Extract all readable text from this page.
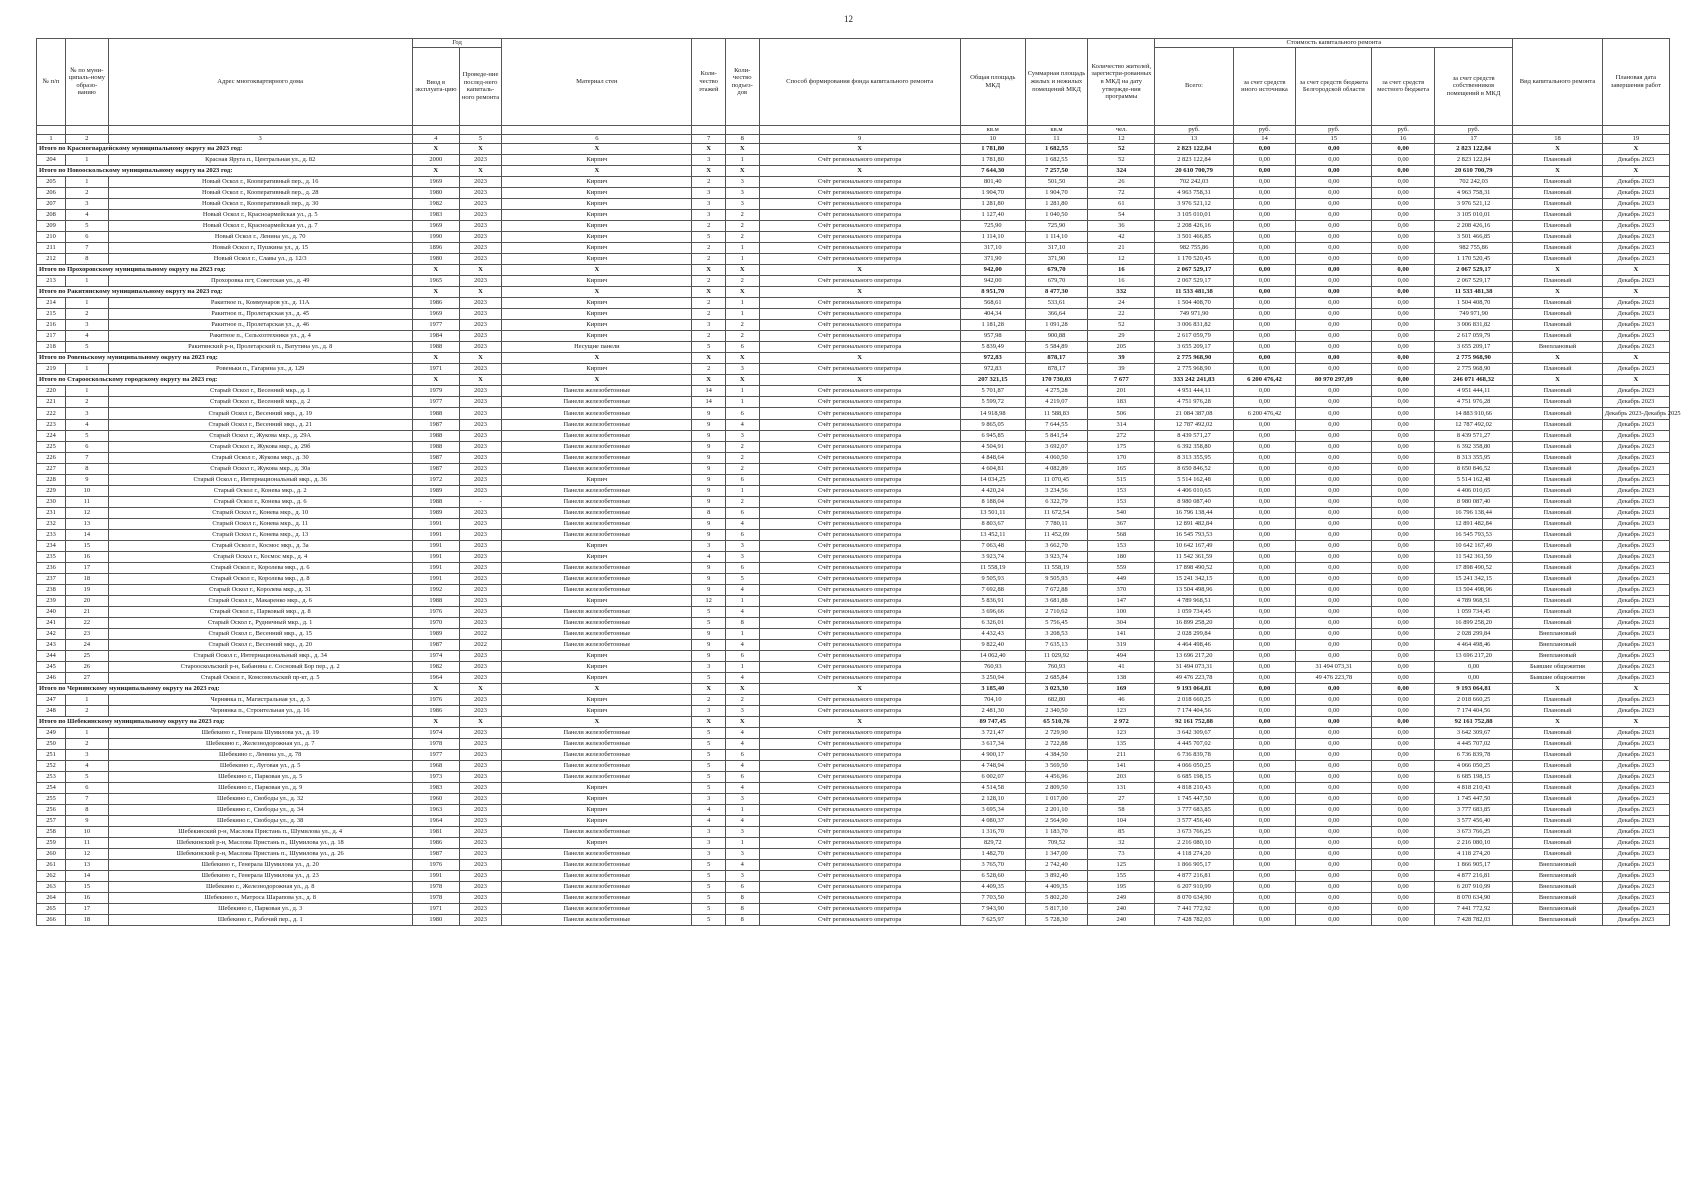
12
№ п/п	№ по муни-ципаль-ному образо-ванию	Адрес многоквартирного дома	Год		Материал стен	Коли-чество этажей	Коли-чество подъез-дов	Способ формирования фонда капитального ремонта	Общая площадь МКД	Суммарная площадь жилых и нежилых помещений МКД	Количество жителей, зарегистри-рованных в МКД на дату утвержде-ния программы	Стоимость капитального ремонта					Вид капитального ремонта	Плановая дата завершения работ
			Ввод в эксплуата-цию	Проведе-ние послед-него капиталь-ного ремонта								Всего:	за счет средств иного источника	за счет средств бюджета Белгородской области	за счет средств местного бюджета	за счет средств собственников помещений в МКД		
									кв.м	кв.м	чел.	руб.	руб.	руб.	руб.	руб.		
1	2	3	4	5	6	7	8	9	10	11	12	13	14	15	16	17	18	19
Итого по Красногвардейскому муниципальному округу на 2023 год:			X	X	X	X	X	X	1 781,80	1 682,55	52	2 823 122,84	0,00	0,00	0,00	2 823 122,84	X	X
204	1	Красная Яруга п., Центральная ул., д. 82	2000	2023	Кирпич	3	1	Счёт регионального оператора	1 781,80	1 682,55	52	2 823 122,84	0,00	0,00	0,00	2 823 122,84	Плановый	Декабрь 2023
Итого по Новооскольскому муниципальному округу на 2023 год:			X	X	X	X	X	X	7 644,30	7 257,50	324	20 610 700,79	0,00	0,00	0,00	20 610 700,79	X	X
205	1	Новый Оскол г., Кооперативный пер., д. 16	1969	2023	Кирпич	2	3	Счёт регионального оператора	801,40	501,50	26	702 242,03	0,00	0,00	0,00	702 242,03	Плановый	Декабрь 2023
206	2	Новый Оскол г., Кооперативный пер., д. 28	1980	2023	Кирпич	3	3	Счёт регионального оператора	1 904,70	1 904,70	72	4 963 758,31	0,00	0,00	0,00	4 963 758,31	Плановый	Декабрь 2023
207	3	Новый Оскол г., Кооперативный пер., д. 30	1982	2023	Кирпич	3	3	Счёт регионального оператора	1 281,80	1 281,80	61	3 976 521,12	0,00	0,00	0,00	3 976 521,12	Плановый	Декабрь 2023
208	4	Новый Оскол г., Красноармейская ул., д. 5	1983	2023	Кирпич	3	2	Счёт регионального оператора	1 127,40	1 040,50	54	3 105 010,01	0,00	0,00	0,00	3 105 010,01	Плановый	Декабрь 2023
209	5	Новый Оскол г., Красноармейская ул., д. 7	1969	2023	Кирпич	2	2	Счёт регионального оператора	725,90	725,90	36	2 208 426,16	0,00	0,00	0,00	2 208 426,16	Плановый	Декабрь 2023
210	6	Новый Оскол г., Ленина ул., д. 70	1990	2023	Кирпич	5	2	Счёт регионального оператора	1 114,10	1 114,10	42	3 501 466,85	0,00	0,00	0,00	3 501 466,85	Плановый	Декабрь 2023
211	7	Новый Оскол г., Пушкина ул., д. 15	1896	2023	Кирпич	2	1	Счёт регионального оператора	317,10	317,10	21	982 755,86	0,00	0,00	0,00	982 755,86	Плановый	Декабрь 2023
212	8	Новый Оскол г., Славы ул., д. 12/3	1980	2023	Кирпич	2	1	Счёт регионального оператора	371,90	371,90	12	1 170 520,45	0,00	0,00	0,00	1 170 520,45	Плановый	Декабрь 2023
Итого по Прохоровскому муниципальному округу на 2023 год:			X	X	X	X	X	X	942,00	679,70	16	2 067 529,17	0,00	0,00	0,00	2 067 529,17	X	X
213	1	Прохоровка пгт, Советская ул., д. 49	1965	2023	Кирпич	2	2	Счёт регионального оператора	942,00	679,70	16	2 067 529,17	0,00	0,00	0,00	2 067 529,17	Плановый	Декабрь 2023
Итого по Ракитянскому муниципальному округу на 2023 год:			X	X	X	X	X	X	8 951,70	8 477,30	332	11 533 481,38	0,00	0,00	0,00	11 533 481,38	X	X
214	1	Ракитное п., Коммунаров ул., д. 11А	1986	2023	Кирпич	2	1	Счёт регионального оператора	568,61	533,61	24	1 504 408,70	0,00	0,00	0,00	1 504 408,70	Плановый	Декабрь 2023
215	2	Ракитное п., Пролетарская ул., д. 45	1969	2023	Кирпич	2	1	Счёт регионального оператора	404,34	366,64	22	749 971,90	0,00	0,00	0,00	749 971,90	Плановый	Декабрь 2023
216	3	Ракитное п., Пролетарская ул., д. 46	1977	2023	Кирпич	3	2	Счёт регионального оператора	1 181,28	1 091,28	52	3 006 831,82	0,00	0,00	0,00	3 006 831,82	Плановый	Декабрь 2023
217	4	Ракитное п., Сельхозтехники ул., д. 4	1984	2023	Кирпич	2	2	Счёт регионального оператора	957,98	900,88	29	2 617 059,79	0,00	0,00	0,00	2 617 059,79	Плановый	Декабрь 2023
218	5	Ракитянский р-н, Пролетарский п., Ватутина ул., д. 8	1988	2023	Несущие панели	5	6	Счёт регионального оператора	5 839,49	5 584,89	205	3 655 209,17	0,00	0,00	0,00	3 655 209,17	Внеплановый	Декабрь 2023
Итого по Ровеньскому муниципальному округу на 2023 год:			X	X	X	X	X	X	972,83	878,17	39	2 775 968,90	0,00	0,00	0,00	2 775 968,90	X	X
219	1	Ровеньки п., Гагарина ул., д. 129	1971	2023	Кирпич	2	3	Счёт регионального оператора	972,83	878,17	39	2 775 968,90	0,00	0,00	0,00	2 775 968,90	Плановый	Декабрь 2023
Итого по Старооскольскому городскому округу на 2023 год:			X	X	X	X	X	X	207 321,15	170 730,03	7 677	333 242 241,83	6 200 476,42	80 970 297,09	0,00	246 071 468,32	X	X
220	1	Старый Оскол г., Весенний мкр., д. 1	1979	2023	Панели железобетонные	14	1	Счёт регионального оператора	5 701,87	4 275,28	201	4 951 444,11	0,00	0,00	0,00	4 951 444,11	Плановый	Декабрь 2023
221	2	Старый Оскол г., Весенний мкр., д. 2	1977	2023	Панели железобетонные	14	1	Счёт регионального оператора	5 599,72	4 219,07	183	4 751 976,28	0,00	0,00	0,00	4 751 976,28	Плановый	Декабрь 2023
222	3	Старый Оскол г., Весенний мкр., д. 19	1988	2023	Панели железобетонные	9	6	Счёт регионального оператора	14 918,98	11 588,83	506	21 084 387,08	6 200 476,42	0,00	0,00	14 883 910,66	Плановый	Декабрь 2023-Декабрь 2025
223	4	Старый Оскол г., Весенний мкр., д. 21	1987	2023	Панели железобетонные	9	4	Счёт регионального оператора	9 865,05	7 644,55	314	12 787 492,02	0,00	0,00	0,00	12 787 492,02	Плановый	Декабрь 2023
224	5	Старый Оскол г., Жукова мкр., д. 29А	1988	2023	Панели железобетонные	9	3	Счёт регионального оператора	6 945,85	5 841,54	272	8 439 571,27	0,00	0,00	0,00	8 439 571,27	Плановый	Декабрь 2023
225	6	Старый Оскол г., Жукова мкр., д. 29б	1988	2023	Панели железобетонные	9	2	Счёт регионального оператора	4 504,91	3 692,07	175	6 392 358,80	0,00	0,00	0,00	6 392 358,80	Плановый	Декабрь 2023
226	7	Старый Оскол г., Жукова мкр., д. 30	1987	2023	Панели железобетонные	9	2	Счёт регионального оператора	4 848,64	4 060,50	170	8 313 355,95	0,00	0,00	0,00	8 313 355,95	Плановый	Декабрь 2023
227	8	Старый Оскол г., Жукова мкр., д. 30а	1987	2023	Панели железобетонные	9	2	Счёт регионального оператора	4 604,81	4 082,89	165	8 650 846,52	0,00	0,00	0,00	8 650 846,52	Плановый	Декабрь 2023
228	9	Старый Оскол г., Интернациональный мкр., д. 36	1972	2023	Кирпич	9	6	Счёт регионального оператора	14 034,25	11 070,45	515	5 514 162,48	0,00	0,00	0,00	5 514 162,48	Плановый	Декабрь 2023
229	10	Старый Оскол г., Конева мкр., д. 2	1989	2023	Панели железобетонные	9	1	Счёт регионального оператора	4 420,24	3 234,56	153	4 406 010,65	0,00	0,00	0,00	4 406 010,65	Плановый	Декабрь 2023
230	11	Старый Оскол г., Конева мкр., д. 6	1988	-	Панели железобетонные	9	2	Счёт регионального оператора	8 188,04	6 322,79	153	8 980 087,40	0,00	0,00	0,00	8 980 087,40	Плановый	Декабрь 2023
231	12	Старый Оскол г., Конева мкр., д. 10	1989	2023	Панели железобетонные	8	6	Счёт регионального оператора	13 501,11	11 672,54	540	16 796 138,44	0,00	0,00	0,00	16 796 138,44	Плановый	Декабрь 2023
232	13	Старый Оскол г., Конева мкр., д. 11	1991	2023	Панели железобетонные	9	4	Счёт регионального оператора	8 803,67	7 780,11	367	12 891 482,84	0,00	0,00	0,00	12 891 482,84	Плановый	Декабрь 2023
233	14	Старый Оскол г., Конева мкр., д. 13	1991	2023	Панели железобетонные	9	6	Счёт регионального оператора	13 452,11	11 452,09	568	16 545 793,53	0,00	0,00	0,00	16 545 793,53	Плановый	Декабрь 2023
234	15	Старый Оскол г., Космос мкр., д. 3а	1991	2023	Кирпич	3	3	Счёт регионального оператора	7 063,48	3 662,70	153	10 642 167,49	0,00	0,00	0,00	10 642 167,49	Плановый	Декабрь 2023
235	16	Старый Оскол г., Космос мкр., д. 4	1991	2023	Кирпич	4	3	Счёт регионального оператора	3 923,74	3 923,74	180	11 542 361,59	0,00	0,00	0,00	11 542 361,59	Плановый	Декабрь 2023
236	17	Старый Оскол г., Королева мкр., д. 6	1991	2023	Панели железобетонные	9	6	Счёт регионального оператора	11 558,19	11 558,19	559	17 898 490,52	0,00	0,00	0,00	17 898 490,52	Плановый	Декабрь 2023
237	18	Старый Оскол г., Королева мкр., д. 8	1991	2023	Панели железобетонные	9	5	Счёт регионального оператора	9 505,93	9 505,93	449	15 241 342,15	0,00	0,00	0,00	15 241 342,15	Плановый	Декабрь 2023
238	19	Старый Оскол г., Королева мкр., д. 31	1992	2023	Панели железобетонные	9	4	Счёт регионального оператора	7 692,88	7 672,88	370	13 504 498,96	0,00	0,00	0,00	13 504 498,96	Плановый	Декабрь 2023
239	20	Старый Оскол г., Макаренко мкр., д. 6	1988	2023	Кирпич	12	1	Счёт регионального оператора	5 836,91	3 681,88	147	4 789 968,51	0,00	0,00	0,00	4 789 968,51	Плановый	Декабрь 2023
240	21	Старый Оскол г., Парковый мкр., д. 8	1976	2023	Панели железобетонные	5	4	Счёт регионального оператора	3 696,66	2 710,62	100	1 059 734,45	0,00	0,00	0,00	1 059 734,45	Плановый	Декабрь 2023
241	22	Старый Оскол г., Рудничный мкр., д. 1	1970	2023	Панели железобетонные	5	8	Счёт регионального оператора	6 326,01	5 756,45	304	16 899 258,20	0,00	0,00	0,00	16 899 258,20	Плановый	Декабрь 2023
242	23	Старый Оскол г., Весенний мкр., д. 15	1989	2022	Панели железобетонные	9	1	Счёт регионального оператора	4 432,43	3 208,53	141	2 028 299,84	0,00	0,00	0,00	2 028 299,84	Внеплановый	Декабрь 2023
243	24	Старый Оскол г., Весенний мкр., д. 20	1987	2022	Панели железобетонные	9	4	Счёт регионального оператора	9 822,40	7 635,13	319	4 464 498,46	0,00	0,00	0,00	4 464 498,46	Внеплановый	Декабрь 2023
244	25	Старый Оскол г., Интернациональный мкр., д. 34	1974	2023	Кирпич	9	6	Счёт регионального оператора	14 062,40	11 029,92	494	13 696 217,20	0,00	0,00	0,00	13 696 217,20	Внеплановый	Декабрь 2023
245	26	Старооскольский р-н, Бабанина с. Сосновый Бор пер., д. 2	1982	2023	Кирпич	3	1	Счёт регионального оператора	760,93	760,93	41	31 494 073,31	0,00	31 494 073,31	0,00	0,00	Бывшие общежития	Декабрь 2023
246	27	Старый Оскол г., Комсомольский пр-кт, д. 5	1964	2023	Кирпич	5	4	Счёт регионального оператора	3 250,94	2 685,84	138	49 476 223,78	0,00	49 476 223,78	0,00	0,00	Бывшие общежития	Декабрь 2023
Итого по Чернянскому муниципальному округу на 2023 год:			X	X	X	X	X	X	3 185,40	3 023,30	169	9 193 064,81	0,00	0,00	0,00	9 193 064,81	X	X
247	1	Чернянка п., Магистральная ул., д. 3	1976	2023	Кирпич	2	2	Счёт регионального оператора	704,10	682,80	46	2 018 660,25	0,00	0,00	0,00	2 018 660,25	Плановый	Декабрь 2023
248	2	Чернянка п., Строительная ул., д. 16	1986	2023	Кирпич	3	3	Счёт регионального оператора	2 481,30	2 340,50	123	7 174 404,56	0,00	0,00	0,00	7 174 404,56	Плановый	Декабрь 2023
Итого по Шебекинскому муниципальному округу на 2023 год:			X	X	X	X	X	X	89 747,45	65 510,76	2 972	92 161 752,88	0,00	0,00	0,00	92 161 752,88	X	X
249	1	Шебекино г., Генерала Шумилова ул., д. 19	1974	2023	Панели железобетонные	5	4	Счёт регионального оператора	3 721,47	2 729,90	123	3 642 309,67	0,00	0,00	0,00	3 642 309,67	Плановый	Декабрь 2023
250	2	Шебекино г., Железнодорожная ул., д. 7	1978	2023	Панели железобетонные	5	4	Счёт регионального оператора	3 617,34	2 722,88	135	4 445 707,02	0,00	0,00	0,00	4 445 707,02	Плановый	Декабрь 2023
251	3	Шебекино г., Ленина ул., д. 78	1977	2023	Панели железобетонные	5	6	Счёт регионального оператора	4 900,17	4 384,50	211	6 736 839,78	0,00	0,00	0,00	6 736 839,78	Плановый	Декабрь 2023
252	4	Шебекино г., Луговая ул., д. 5	1968	2023	Панели железобетонные	5	4	Счёт регионального оператора	4 748,94	3 569,50	141	4 066 050,25	0,00	0,00	0,00	4 066 050,25	Плановый	Декабрь 2023
253	5	Шебекино г., Парковая ул., д. 5	1973	2023	Панели железобетонные	5	6	Счёт регионального оператора	6 002,07	4 456,96	203	6 685 198,15	0,00	0,00	0,00	6 685 198,15	Плановый	Декабрь 2023
254	6	Шебекино г., Парковая ул., д. 9	1983	2023	Кирпич	5	4	Счёт регионального оператора	4 514,58	2 809,50	131	4 818 210,43	0,00	0,00	0,00	4 818 210,43	Плановый	Декабрь 2023
255	7	Шебекино г., Свободы ул., д. 32	1960	2023	Кирпич	3	3	Счёт регионального оператора	2 128,10	1 017,00	27	1 745 447,50	0,00	0,00	0,00	1 745 447,50	Плановый	Декабрь 2023
256	8	Шебекино г., Свободы ул., д. 34	1963	2023	Кирпич	4	1	Счёт регионального оператора	3 695,34	2 201,10	58	3 777 683,85	0,00	0,00	0,00	3 777 683,85	Плановый	Декабрь 2023
257	9	Шебекино г., Свободы ул., д. 38	1964	2023	Кирпич	4	4	Счёт регионального оператора	4 080,37	2 564,90	104	3 577 456,40	0,00	0,00	0,00	3 577 456,40	Плановый	Декабрь 2023
258	10	Шебекинский р-н, Маслова Пристань п., Шумилова ул., д. 4	1981	2023	Панели железобетонные	3	3	Счёт регионального оператора	1 316,70	1 183,70	85	3 673 766,25	0,00	0,00	0,00	3 673 766,25	Плановый	Декабрь 2023
259	11	Шебекинский р-н, Маслова Пристань п., Шумилова ул., д. 18	1986	2023	Кирпич	3	1	Счёт регионального оператора	829,72	709,52	32	2 216 080,10	0,00	0,00	0,00	2 216 080,10	Плановый	Декабрь 2023
260	12	Шебекинский р-н, Маслова Пристань п., Шумилова ул., д. 26	1987	2023	Панели железобетонные	3	3	Счёт регионального оператора	1 482,70	1 347,00	73	4 118 274,20	0,00	0,00	0,00	4 118 274,20	Плановый	Декабрь 2023
261	13	Шебекино г., Генерала Шумилова ул., д. 20	1976	2023	Панели железобетонные	5	4	Счёт регионального оператора	3 765,70	2 742,40	125	1 866 905,17	0,00	0,00	0,00	1 866 905,17	Внеплановый	Декабрь 2023
262	14	Шебекино г., Генерала Шумилова ул., д. 23	1991	2023	Панели железобетонные	5	3	Счёт регионального оператора	6 528,60	3 892,40	155	4 877 216,81	0,00	0,00	0,00	4 877 216,81	Внеплановый	Декабрь 2023
263	15	Шебекино г., Железнодорожная ул., д. 8	1978	2023	Панели железобетонные	5	6	Счёт регионального оператора	4 409,35	4 409,35	195	6 207 910,99	0,00	0,00	0,00	6 207 910,99	Внеплановый	Декабрь 2023
264	16	Шебекино г., Матроса Шарапова ул., д. 8	1978	2023	Панели железобетонные	5	8	Счёт регионального оператора	7 703,50	5 802,20	249	8 070 634,90	0,00	0,00	0,00	8 070 634,90	Внеплановый	Декабрь 2023
265	17	Шебекино г., Парковая ул., д. 3	1971	2023	Панели железобетонные	5	8	Счёт регионального оператора	7 943,90	5 817,10	240	7 441 772,92	0,00	0,00	0,00	7 441 772,92	Внеплановый	Декабрь 2023
266	18	Шебекино г., Рабочий пер., д. 1	1980	2023	Панели железобетонные	5	8	Счёт регионального оператора	7 625,97	5 728,30	240	7 428 782,03	0,00	0,00	0,00	7 428 782,03	Внеплановый	Декабрь 2023
